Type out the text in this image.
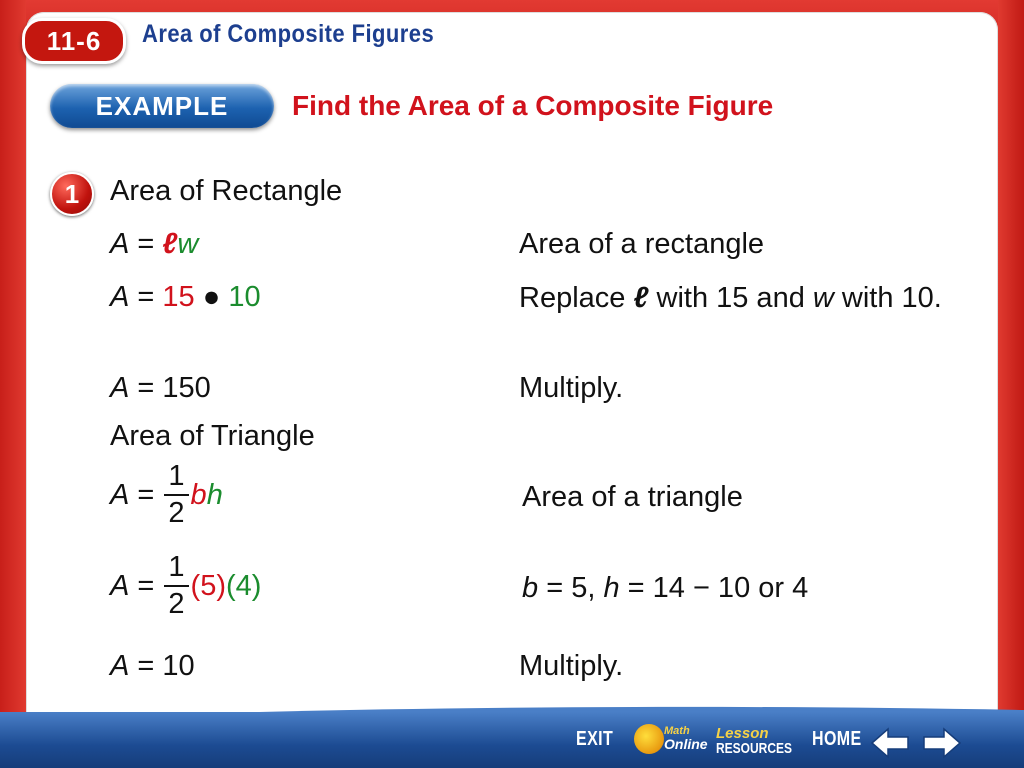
11-6	Area of Composite Figures
EXAMPLE	Find the Area of a Composite Figure
1	Area of Rectangle
A = ℓw	Area of a rectangle
A = 15 ● 10	Replace ℓ with 15 and w with 10.
A = 150	Multiply.
Area of Triangle
$A = \frac{1}{2}$ b h	Area of a triangle
$A = \frac{1}{2} (5)$ (4)	b = 5, h = 14 − 10 or 4
A = 10	Multiply.
EXIT	Math
Online
Lesson
RESOURCES HOME
